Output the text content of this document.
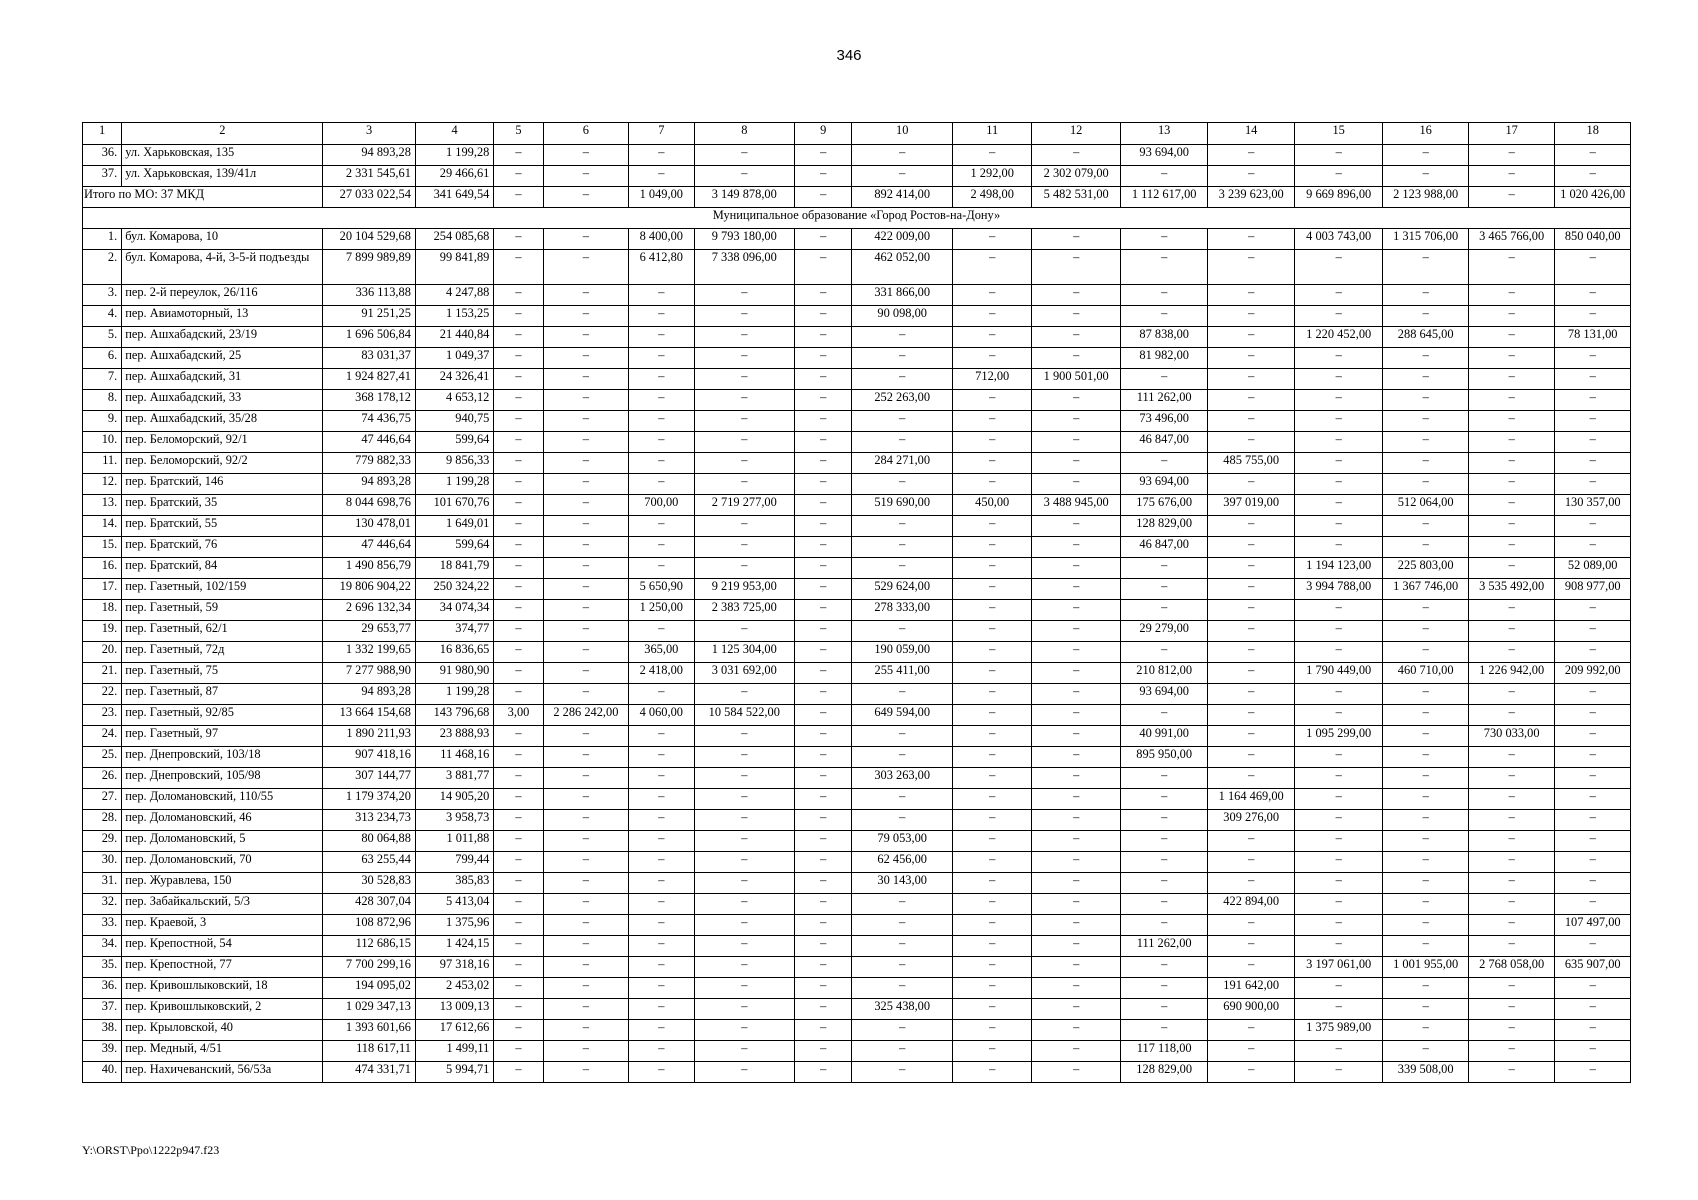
346
1	2	3	4	5	6	7	8	9	10	11	12	13	14	15	16	17	18
36.	ул. Харьковская, 135	94 893,28	1 199,28	–	–	–	–	–	–	–	–	93 694,00	–	–	–	–	–
37.	ул. Харьковская, 139/41л	2 331 545,61	29 466,61	–	–	–	–	–	–	1 292,00	2 302 079,00	–	–	–	–	–	–
Итого по МО: 37 МКД		27 033 022,54	341 649,54	–	–	1 049,00	3 149 878,00	–	892 414,00	2 498,00	5 482 531,00	1 112 617,00	3 239 623,00	9 669 896,00	2 123 988,00	–	1 020 426,00
Муниципальное образование «Город Ростов-на-Дону»																	
1.	бул. Комарова, 10	20 104 529,68	254 085,68	–	–	8 400,00	9 793 180,00	–	422 009,00	–	–	–	–	4 003 743,00	1 315 706,00	3 465 766,00	850 040,00
2.	бул. Комарова, 4-й, 3-5-й подъезды	7 899 989,89	99 841,89	–	–	6 412,80	7 338 096,00	–	462 052,00	–	–	–	–	–	–	–	–
3.	пер. 2-й переулок, 26/116	336 113,88	4 247,88	–	–	–	–	–	331 866,00	–	–	–	–	–	–	–	–
4.	пер. Авиамоторный, 13	91 251,25	1 153,25	–	–	–	–	–	90 098,00	–	–	–	–	–	–	–	–
5.	пер. Ашхабадский, 23/19	1 696 506,84	21 440,84	–	–	–	–	–	–	–	–	87 838,00	–	1 220 452,00	288 645,00	–	78 131,00
6.	пер. Ашхабадский, 25	83 031,37	1 049,37	–	–	–	–	–	–	–	–	81 982,00	–	–	–	–	–
7.	пер. Ашхабадский, 31	1 924 827,41	24 326,41	–	–	–	–	–	–	712,00	1 900 501,00	–	–	–	–	–	–
8.	пер. Ашхабадский, 33	368 178,12	4 653,12	–	–	–	–	–	252 263,00	–	–	111 262,00	–	–	–	–	–
9.	пер. Ашхабадский, 35/28	74 436,75	940,75	–	–	–	–	–	–	–	–	73 496,00	–	–	–	–	–
10.	пер. Беломорский, 92/1	47 446,64	599,64	–	–	–	–	–	–	–	–	46 847,00	–	–	–	–	–
11.	пер. Беломорский, 92/2	779 882,33	9 856,33	–	–	–	–	–	284 271,00	–	–	–	485 755,00	–	–	–	–
12.	пер. Братский, 146	94 893,28	1 199,28	–	–	–	–	–	–	–	–	93 694,00	–	–	–	–	–
13.	пер. Братский, 35	8 044 698,76	101 670,76	–	–	700,00	2 719 277,00	–	519 690,00	450,00	3 488 945,00	175 676,00	397 019,00	–	512 064,00	–	130 357,00
14.	пер. Братский, 55	130 478,01	1 649,01	–	–	–	–	–	–	–	–	128 829,00	–	–	–	–	–
15.	пер. Братский, 76	47 446,64	599,64	–	–	–	–	–	–	–	–	46 847,00	–	–	–	–	–
16.	пер. Братский, 84	1 490 856,79	18 841,79	–	–	–	–	–	–	–	–	–	–	1 194 123,00	225 803,00	–	52 089,00
17.	пер. Газетный, 102/159	19 806 904,22	250 324,22	–	–	5 650,90	9 219 953,00	–	529 624,00	–	–	–	–	3 994 788,00	1 367 746,00	3 535 492,00	908 977,00
18.	пер. Газетный, 59	2 696 132,34	34 074,34	–	–	1 250,00	2 383 725,00	–	278 333,00	–	–	–	–	–	–	–	–
19.	пер. Газетный, 62/1	29 653,77	374,77	–	–	–	–	–	–	–	–	29 279,00	–	–	–	–	–
20.	пер. Газетный, 72д	1 332 199,65	16 836,65	–	–	365,00	1 125 304,00	–	190 059,00	–	–	–	–	–	–	–	–
21.	пер. Газетный, 75	7 277 988,90	91 980,90	–	–	2 418,00	3 031 692,00	–	255 411,00	–	–	210 812,00	–	1 790 449,00	460 710,00	1 226 942,00	209 992,00
22.	пер. Газетный, 87	94 893,28	1 199,28	–	–	–	–	–	–	–	–	93 694,00	–	–	–	–	–
23.	пер. Газетный, 92/85	13 664 154,68	143 796,68	3,00	2 286 242,00	4 060,00	10 584 522,00	–	649 594,00	–	–	–	–	–	–	–	–
24.	пер. Газетный, 97	1 890 211,93	23 888,93	–	–	–	–	–	–	–	–	40 991,00	–	1 095 299,00	–	730 033,00	–
25.	пер. Днепровский, 103/18	907 418,16	11 468,16	–	–	–	–	–	–	–	–	895 950,00	–	–	–	–	–
26.	пер. Днепровский, 105/98	307 144,77	3 881,77	–	–	–	–	–	303 263,00	–	–	–	–	–	–	–	–
27.	пер. Доломановский, 110/55	1 179 374,20	14 905,20	–	–	–	–	–	–	–	–	–	1 164 469,00	–	–	–	–
28.	пер. Доломановский, 46	313 234,73	3 958,73	–	–	–	–	–	–	–	–	–	309 276,00	–	–	–	–
29.	пер. Доломановский, 5	80 064,88	1 011,88	–	–	–	–	–	79 053,00	–	–	–	–	–	–	–	–
30.	пер. Доломановский, 70	63 255,44	799,44	–	–	–	–	–	62 456,00	–	–	–	–	–	–	–	–
31.	пер. Журавлева, 150	30 528,83	385,83	–	–	–	–	–	30 143,00	–	–	–	–	–	–	–	–
32.	пер. Забайкальский, 5/3	428 307,04	5 413,04	–	–	–	–	–	–	–	–	–	422 894,00	–	–	–	–
33.	пер. Краевой, 3	108 872,96	1 375,96	–	–	–	–	–	–	–	–	–	–	–	–	–	107 497,00
34.	пер. Крепостной, 54	112 686,15	1 424,15	–	–	–	–	–	–	–	–	111 262,00	–	–	–	–	–
35.	пер. Крепостной, 77	7 700 299,16	97 318,16	–	–	–	–	–	–	–	–	–	–	3 197 061,00	1 001 955,00	2 768 058,00	635 907,00
36.	пер. Кривошлыковский, 18	194 095,02	2 453,02	–	–	–	–	–	–	–	–	–	191 642,00	–	–	–	–
37.	пер. Кривошлыковский, 2	1 029 347,13	13 009,13	–	–	–	–	–	325 438,00	–	–	–	690 900,00	–	–	–	–
38.	пер. Крыловской, 40	1 393 601,66	17 612,66	–	–	–	–	–	–	–	–	–	–	1 375 989,00	–	–	–
39.	пер. Медный, 4/51	118 617,11	1 499,11	–	–	–	–	–	–	–	–	117 118,00	–	–	–	–	–
40.	пер. Нахичеванский, 56/53а	474 331,71	5 994,71	–	–	–	–	–	–	–	–	128 829,00	–	–	339 508,00	–	–
Y:\ORST\Ppo\1222p947.f23
